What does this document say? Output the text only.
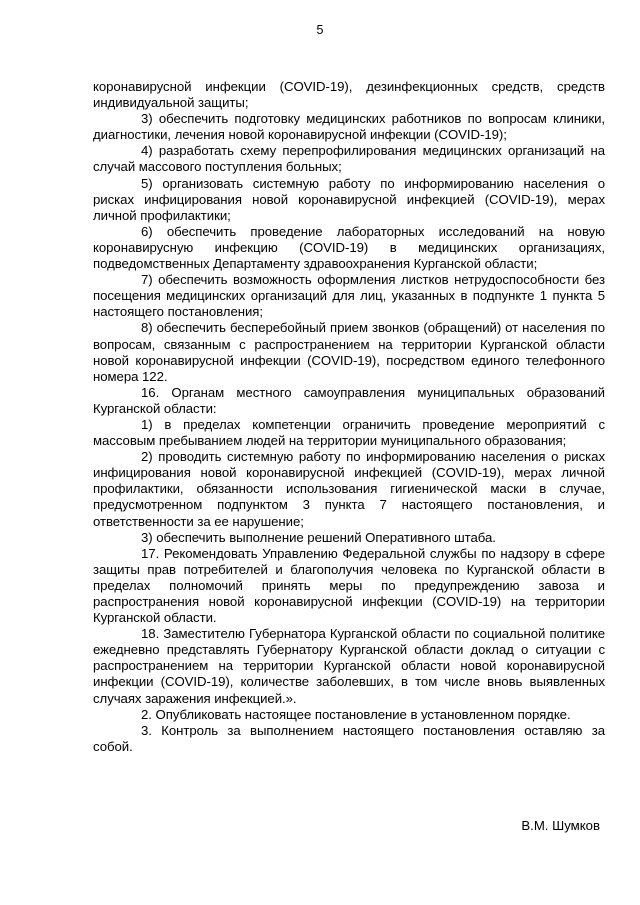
5

коронавирусной инфекции (COVID-19), дезинфекционных средств, средств индивидуальной защиты;

3) обеспечить подготовку медицинских работников по вопросам клиники, диагностики, лечения новой коронавирусной инфекции (COVID-19);

4) разработать схему перепрофилирования медицинских организаций на случай массового поступления больных;

5) организовать системную работу по информированию населения о рисках инфицирования новой коронавирусной инфекцией (COVID-19), мерах личной профилактики;

6) обеспечить проведение лабораторных исследований на новую коронавирусную инфекцию (COVID-19) в медицинских организациях, подведомственных Департаменту здравоохранения Курганской области;

7) обеспечить возможность оформления листков нетрудоспособности без посещения медицинских организаций для лиц, указанных в подпункте 1 пункта 5 настоящего постановления;

8) обеспечить бесперебойный прием звонков (обращений) от населения по вопросам, связанным с распространением на территории Курганской области новой коронавирусной инфекции (COVID-19), посредством единого телефонного номера 122.

16. Органам местного самоуправления муниципальных образований Курганской области:

1) в пределах компетенции ограничить проведение мероприятий с массовым пребыванием людей на территории муниципального образования;

2) проводить системную работу по информированию населения о рисках инфицирования новой коронавирусной инфекцией (COVID-19), мерах личной профилактики, обязанности использования гигиенической маски в случае, предусмотренном подпунктом 3 пункта 7 настоящего постановления, и ответственности за ее нарушение;

3) обеспечить выполнение решений Оперативного штаба.

17. Рекомендовать Управлению Федеральной службы по надзору в сфере защиты прав потребителей и благополучия человека по Курганской области в пределах полномочий принять меры по предупреждению завоза и распространения новой коронавирусной инфекции (COVID-19) на территории Курганской области.

18. Заместителю Губернатора Курганской области по социальной политике ежедневно представлять Губернатору Курганской области доклад о ситуации с распространением на территории Курганской области новой коронавирусной инфекции (COVID-19), количестве заболевших, в том числе вновь выявленных случаях заражения инфекцией.».

2. Опубликовать настоящее постановление в установленном порядке.

3. Контроль за выполнением настоящего постановления оставляю за собой.

В.М. Шумков
